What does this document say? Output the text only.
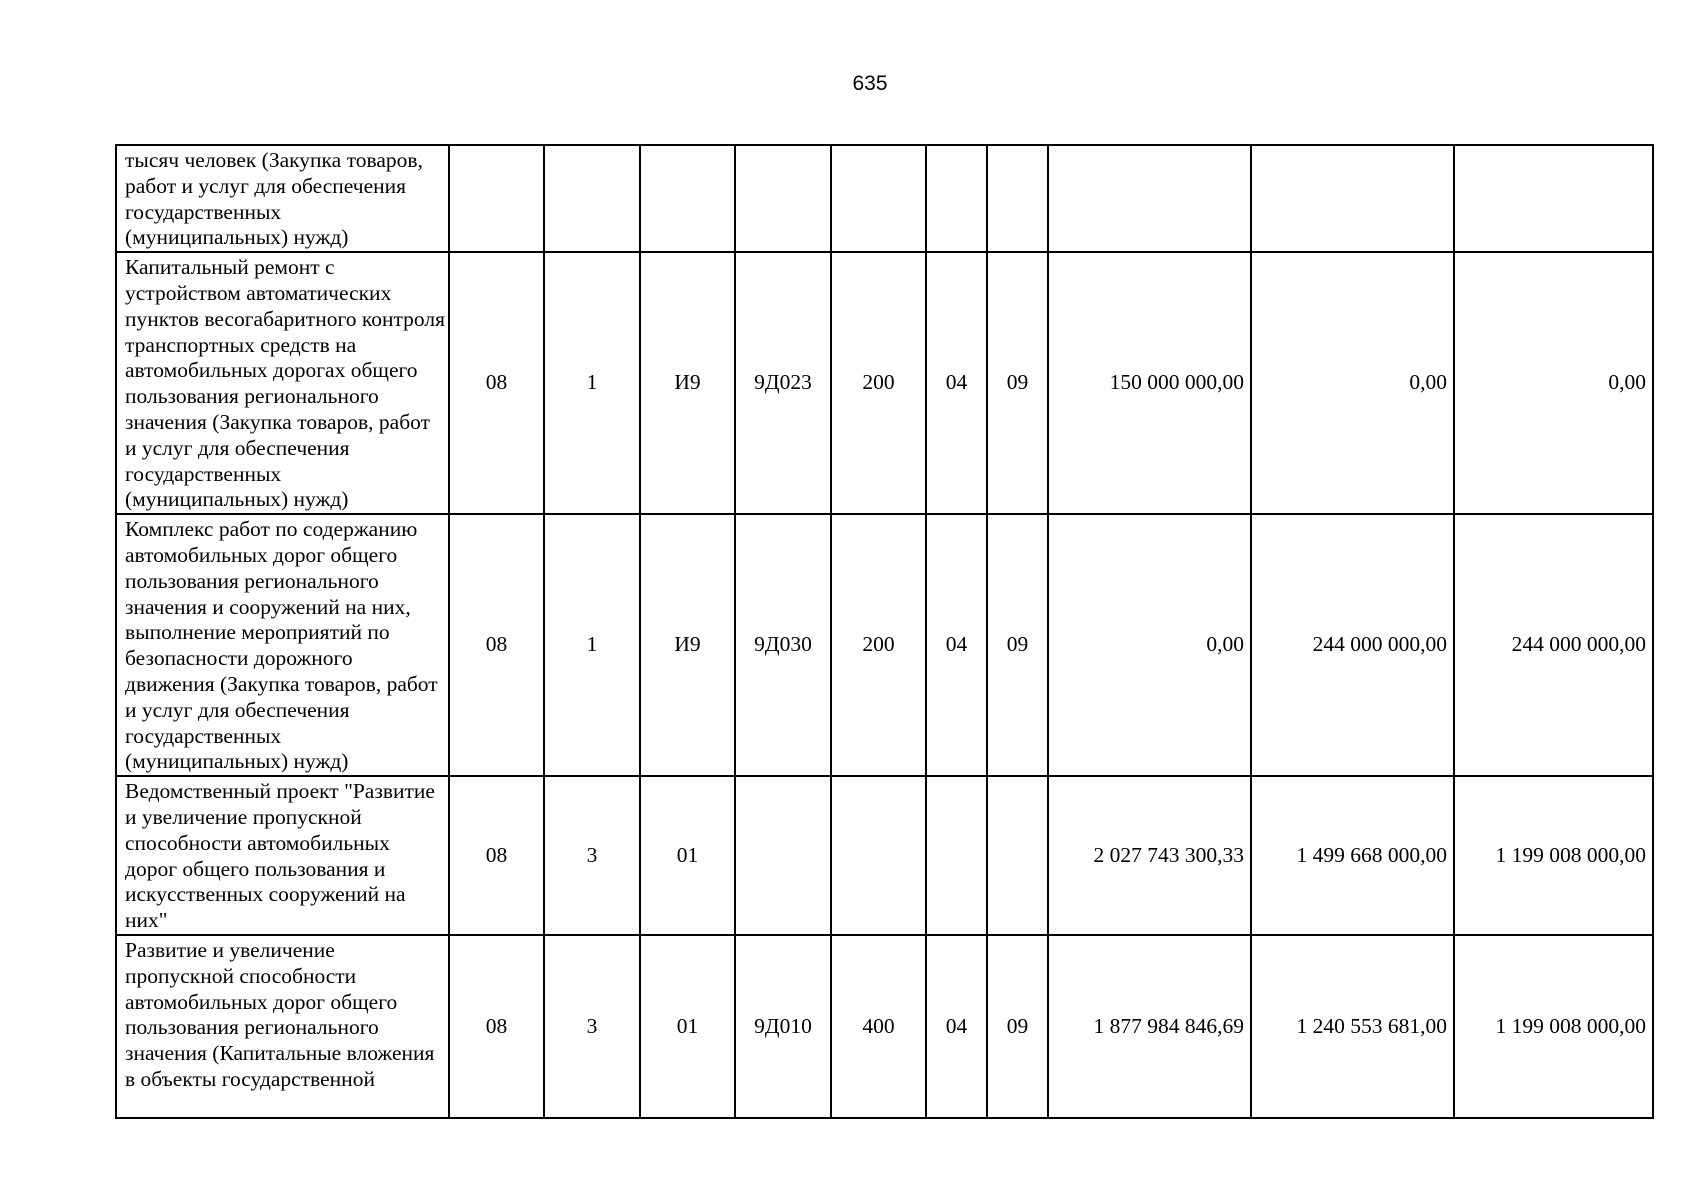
635
тысяч человек (Закупка товаров, работ и услуг для обеспечения государственных (муниципальных) нужд)										
Капитальный ремонт с устройством автоматических пунктов весогабаритного контроля транспортных средств на автомобильных дорогах общего пользования регионального значения (Закупка товаров, работ и услуг для обеспечения государственных (муниципальных) нужд)	08	1	И9	9Д023	200	04	09	150 000 000,00	0,00	0,00
Комплекс работ по содержанию автомобильных дорог общего пользования регионального значения и сооружений на них, выполнение мероприятий по безопасности дорожного движения (Закупка товаров, работ и услуг для обеспечения государственных (муниципальных) нужд)	08	1	И9	9Д030	200	04	09	0,00	244 000 000,00	244 000 000,00
Ведомственный проект "Развитие и увеличение пропускной способности автомобильных дорог общего пользования и искусственных сооружений на них"	08	3	01					2 027 743 300,33	1 499 668 000,00	1 199 008 000,00
Развитие и увеличение пропускной способности автомобильных дорог общего пользования регионального значения (Капитальные вложения в объекты государственной	08	3	01	9Д010	400	04	09	1 877 984 846,69	1 240 553 681,00	1 199 008 000,00
